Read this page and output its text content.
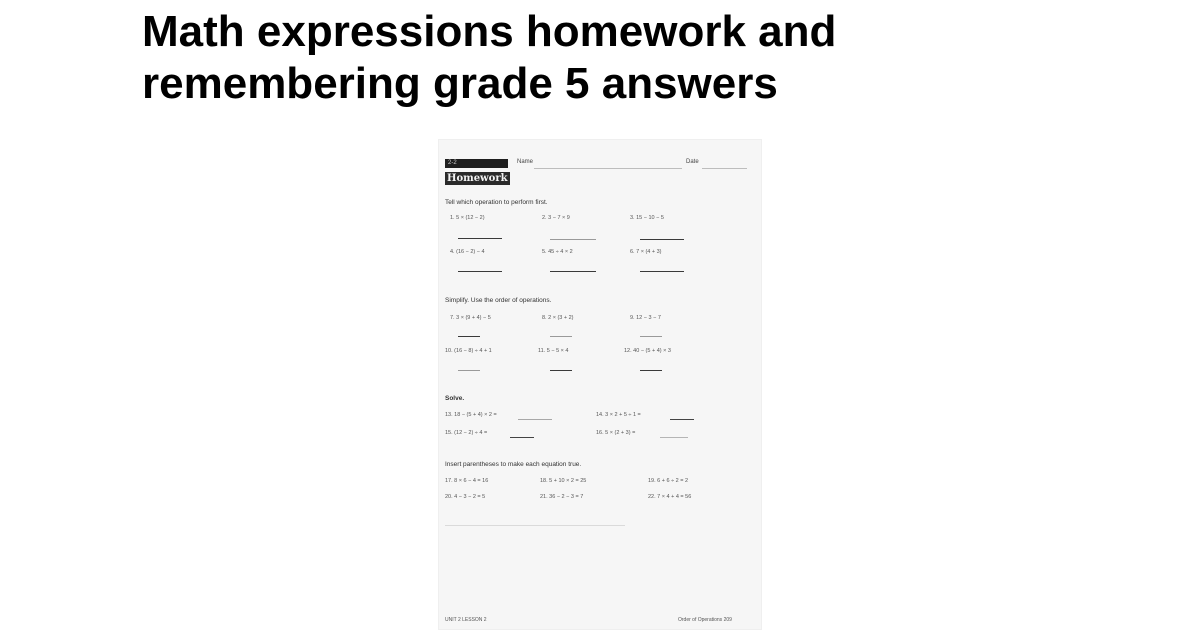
Math expressions homework and remembering grade 5 answers
2-2	Name	Date
Homework
Tell which operation to perform first.
1. 5 × (12 − 2)	2. 3 − 7 × 9	3. 15 − 10 − 5
4. (16 − 2) − 4	5. 45 ÷ 4 × 2	6. 7 × (4 + 3)
Simplify. Use the order of operations.
7. 3 × (9 + 4) − 5	8. 2 × (3 + 2)	9. 12 − 3 − 7
10. (16 − 8) ÷ 4 + 1	11. 5 − 5 × 4	12. 40 − (5 + 4) × 3
Solve.
13. 18 − (5 + 4) × 2 =	14. 3 × 2 + 5 ÷ 1 =
15. (12 − 2) ÷ 4 =	16. 5 × (2 + 3) =
Insert parentheses to make each equation true.
17. 8 × 6 − 4 = 16	18. 5 + 10 × 2 = 25	19. 6 + 6 ÷ 2 = 2
20. 4 − 3 − 2 = 5	21. 36 − 2 − 3 = 7	22. 7 × 4 + 4 = 56
UNIT 2 LESSON 2	Order of Operations 209
